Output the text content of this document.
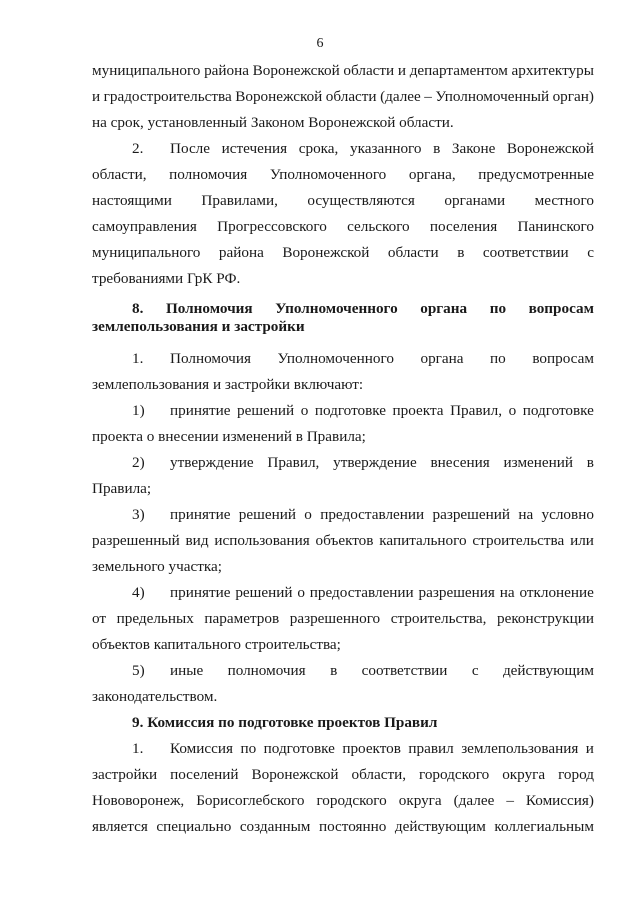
6
муниципального района Воронежской области и департаментом архитектуры
и градостроительства Воронежской области (далее – Уполномоченный орган)
на срок, установленный Законом Воронежской области.
2.	После истечения срока, указанного в Законе Воронежской
области, полномочия Уполномоченного органа, предусмотренные
настоящими Правилами, осуществляются органами местного
самоуправления Прогрессовского сельского поселения Панинского
муниципального района Воронежской области в соответствии с
требованиями ГрК РФ.
8. Полномочия Уполномоченного органа по вопросам
землепользования и застройки
1.	Полномочия Уполномоченного органа по вопросам
землепользования и застройки включают:
1)	принятие решений о подготовке проекта Правил, о подготовке
проекта о внесении изменений в Правила;
2)	утверждение Правил, утверждение внесения изменений в
Правила;
3)	принятие решений о предоставлении разрешений на условно
разрешенный вид использования объектов капитального строительства или
земельного участка;
4)	принятие решений о предоставлении разрешения на отклонение
от предельных параметров разрешенного строительства, реконструкции
объектов капитального строительства;
5)	иные полномочия в соответствии с действующим
законодательством.
9. Комиссия по подготовке проектов Правил
1.	Комиссия по подготовке проектов правил землепользования и
застройки поселений Воронежской области, городского округа город
Нововоронеж, Борисоглебского городского округа (далее – Комиссия)
является специально созданным постоянно действующим коллегиальным
